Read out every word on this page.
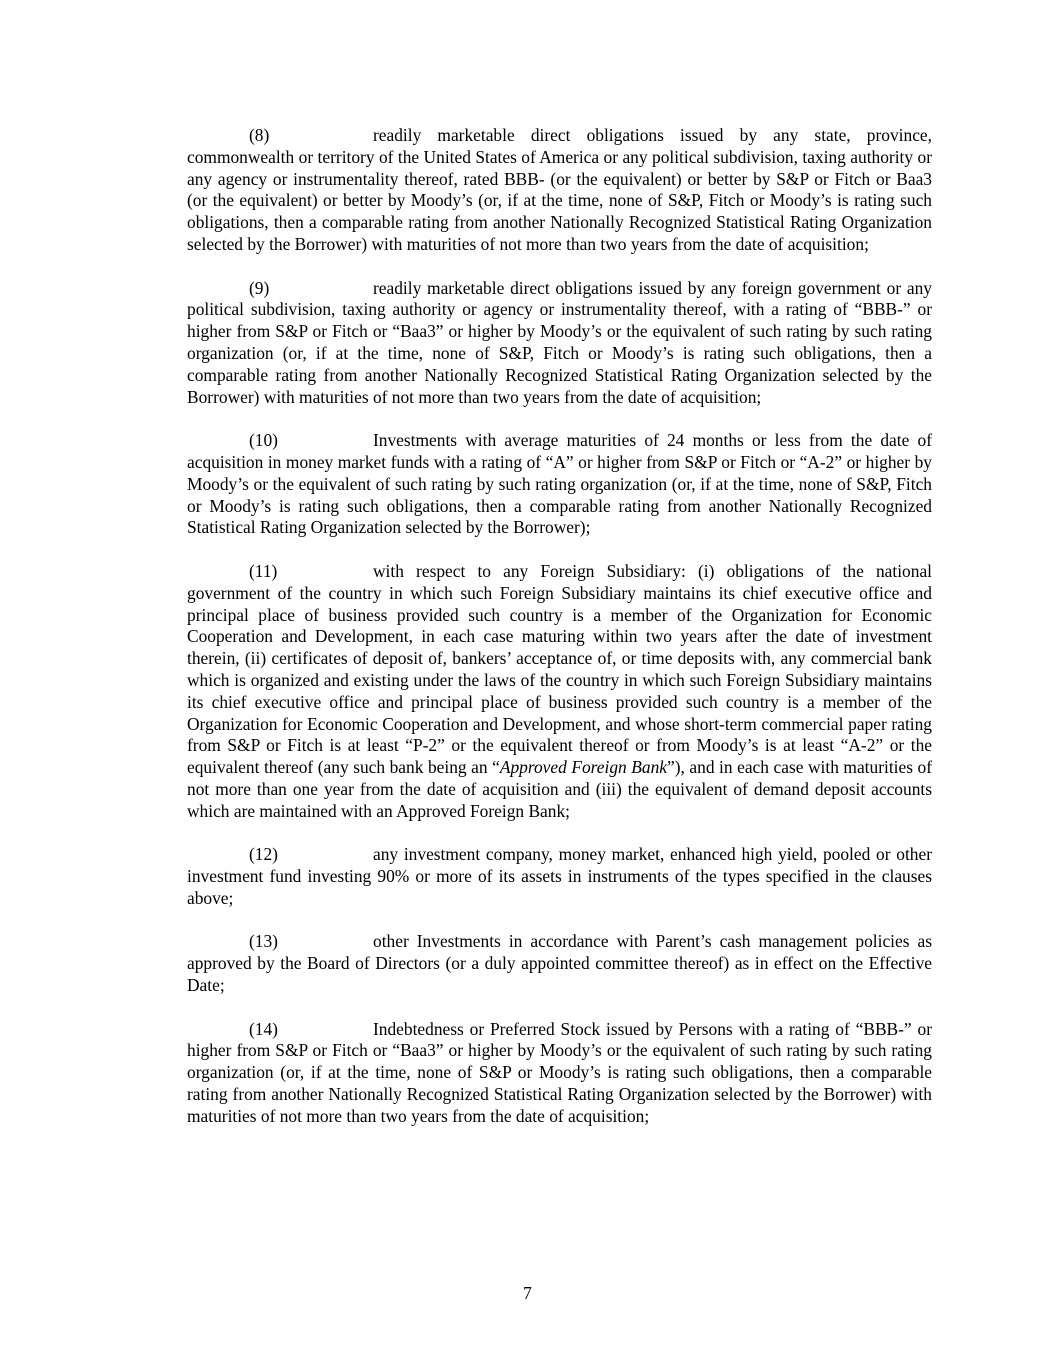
(8)	readily marketable direct obligations issued by any state, province, commonwealth or territory of the United States of America or any political subdivision, taxing authority or any agency or instrumentality thereof, rated BBB- (or the equivalent) or better by S&P or Fitch or Baa3 (or the equivalent) or better by Moody’s (or, if at the time, none of S&P, Fitch or Moody’s is rating such obligations, then a comparable rating from another Nationally Recognized Statistical Rating Organization selected by the Borrower) with maturities of not more than two years from the date of acquisition;

(9)	readily marketable direct obligations issued by any foreign government or any political subdivision, taxing authority or agency or instrumentality thereof, with a rating of “BBB-” or higher from S&P or Fitch or “Baa3” or higher by Moody’s or the equivalent of such rating by such rating organization (or, if at the time, none of S&P, Fitch or Moody’s is rating such obligations, then a comparable rating from another Nationally Recognized Statistical Rating Organization selected by the Borrower) with maturities of not more than two years from the date of acquisition;

(10)	Investments with average maturities of 24 months or less from the date of acquisition in money market funds with a rating of “A” or higher from S&P or Fitch or “A-2” or higher by Moody’s or the equivalent of such rating by such rating organization (or, if at the time, none of S&P, Fitch or Moody’s is rating such obligations, then a comparable rating from another Nationally Recognized Statistical Rating Organization selected by the Borrower);

(11)	with respect to any Foreign Subsidiary: (i) obligations of the national government of the country in which such Foreign Subsidiary maintains its chief executive office and principal place of business provided such country is a member of the Organization for Economic Cooperation and Development, in each case maturing within two years after the date of investment therein, (ii) certificates of deposit of, bankers’ acceptance of, or time deposits with, any commercial bank which is organized and existing under the laws of the country in which such Foreign Subsidiary maintains its chief executive office and principal place of business provided such country is a member of the Organization for Economic Cooperation and Development, and whose short-term commercial paper rating from S&P or Fitch is at least “P-2” or the equivalent thereof or from Moody’s is at least “A-2” or the equivalent thereof (any such bank being an “Approved Foreign Bank”), and in each case with maturities of not more than one year from the date of acquisition and (iii) the equivalent of demand deposit accounts which are maintained with an Approved Foreign Bank;

(12)	any investment company, money market, enhanced high yield, pooled or other investment fund investing 90% or more of its assets in instruments of the types specified in the clauses above;

(13)	other Investments in accordance with Parent’s cash management policies as approved by the Board of Directors (or a duly appointed committee thereof) as in effect on the Effective Date;

(14)	Indebtedness or Preferred Stock issued by Persons with a rating of “BBB-” or higher from S&P or Fitch or “Baa3” or higher by Moody’s or the equivalent of such rating by such rating organization (or, if at the time, none of S&P or Moody’s is rating such obligations, then a comparable rating from another Nationally Recognized Statistical Rating Organization selected by the Borrower) with maturities of not more than two years from the date of acquisition;

7
